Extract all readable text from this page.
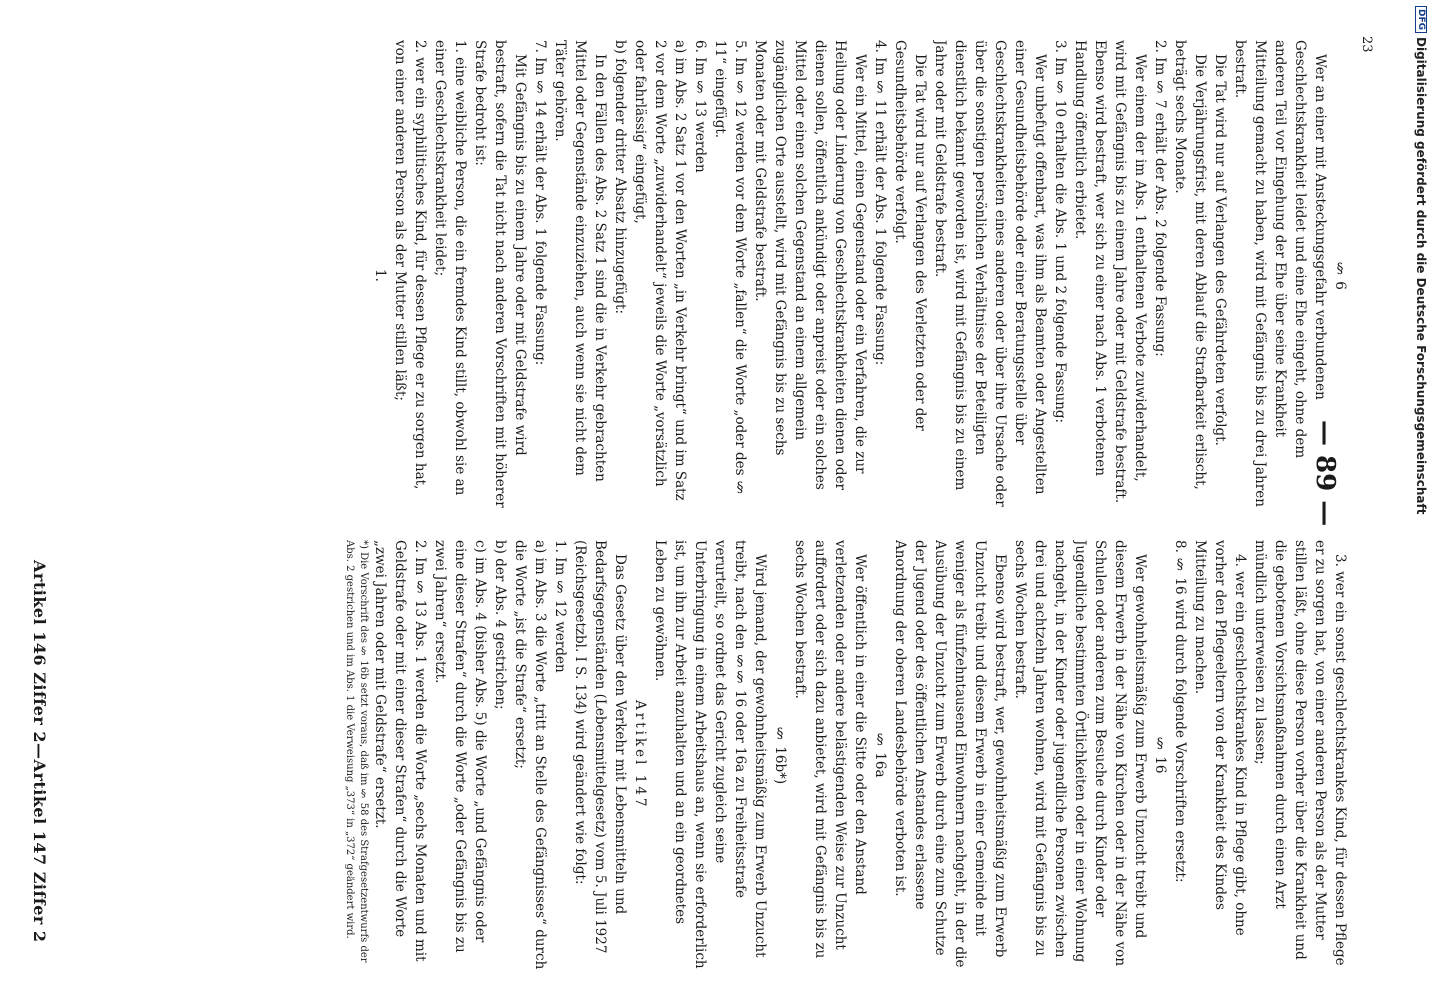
DFG
Digitalisierung gefördert durch die Deutsche Forschungsgemeinschaft
23
Artikel 146 Ziffer 2—Artikel 147 Ziffer 2
— 89 —

3. wer ein sonst geschlechtskrankes Kind, für dessen Pflege er zu sorgen hat, von einer anderen Person als der Mutter stillen läßt, ohne diese Person vorher über die Krankheit und die gebotenen Vorsichtsmaßnahmen durch einen Arzt mündlich unterweisen zu lassen;

4. wer ein geschlechtskrankes Kind in Pflege gibt, ohne vorher den Pflegeeltern von der Krankheit des Kindes Mitteilung zu machen.

8. § 16 wird durch folgende Vorschriften ersetzt:

§ 16

Wer gewohnheitsmäßig zum Erwerb Unzucht treibt und diesem Erwerb in der Nähe von Kirchen oder in der Nähe von Schulen oder anderen zum Besuche durch Kinder oder Jugendliche bestimmten Örtlichkeiten oder in einer Wohnung nachgeht, in der Kinder oder jugendliche Personen zwischen drei und achtzehn Jahren wohnen, wird mit Gefängnis bis zu sechs Wochen bestraft.

Ebenso wird bestraft, wer, gewohnheitsmäßig zum Erwerb Unzucht treibt und diesem Erwerb in einer Gemeinde mit weniger als fünfzehntausend Einwohnern nachgeht, in der die Ausübung der Unzucht zum Erwerb durch eine zum Schutze der Jugend oder des öffentlichen Anstandes erlassene Anordnung der oberen Landesbehörde verboten ist.

§ 16a

Wer öffentlich in einer die Sitte oder den Anstand verletzenden oder andere belästigenden Weise zur Unzucht auffordert oder sich dazu anbietet, wird mit Gefängnis bis zu sechs Wochen bestraft.

§ 16b*)

Wird jemand, der gewohnheitsmäßig zum Erwerb Unzucht treibt, nach den §§ 16 oder 16a zu Freiheitsstrafe verurteilt, so ordnet das Gericht zugleich seine Unterbringung in einem Arbeitshaus an, wenn sie erforderlich ist, um ihn zur Arbeit anzuhalten und an ein geordnetes Leben zu gewöhnen.

Artikel 147

Das Gesetz über den Verkehr mit Lebensmitteln und Bedarfsgegenständen (Lebensmittelgesetz) vom 5. Juli 1927 (Reichsgesetzbl. I S. 134) wird geändert wie folgt:

1. Im § 12 werden

a) im Abs. 3 die Worte „tritt an Stelle des Gefängnisses“ durch die Worte „ist die Strafe“ ersetzt;

b) der Abs. 4 gestrichen;

c) im Abs. 4 (bisher Abs. 5) die Worte „und Gefängnis oder eine dieser Strafen“ durch die Worte „oder Gefängnis bis zu zwei Jahren“ ersetzt.

2. Im § 13 Abs. 1 werden die Worte „sechs Monaten und mit Geldstrafe oder mit einer dieser Strafen“ durch die Worte „zwei Jahren oder mit Geldstrafe“ ersetzt.

*) Die Vorschrift des § 16b setzt voraus, daß im § 58 des Strafgesetzentwurfs der Abs. 2 gestrichen und im Abs. 1 die Verweisung „373“ in „372“ geändert wird.

§ 6

Wer an einer mit Ansteckungsgefahr verbundenen Geschlechtskrankheit leidet und eine Ehe eingeht, ohne dem anderen Teil vor Eingehung der Ehe über seine Krankheit Mitteilung gemacht zu haben, wird mit Gefängnis bis zu drei Jahren bestraft.

Die Tat wird nur auf Verlangen des Gefährdeten verfolgt.

Die Verjährungsfrist, mit deren Ablauf die Strafbarkeit erlischt, beträgt sechs Monate.

2. Im § 7 erhält der Abs. 2 folgende Fassung:

Wer einem der im Abs. 1 enthaltenen Verbote zuwiderhandelt, wird mit Gefängnis bis zu einem Jahre oder mit Geldstrafe bestraft. Ebenso wird bestraft, wer sich zu einer nach Abs. 1 verbotenen Handlung öffentlich erbietet.

3. Im § 10 erhalten die Abs. 1 und 2 folgende Fassung:

Wer unbefugt offenbart, was ihm als Beamten oder Angestellten einer Gesundheitsbehörde oder einer Beratungsstelle über Geschlechtskrankheiten eines anderen oder über ihre Ursache oder über die sonstigen persönlichen Verhältnisse der Beteiligten dienstlich bekannt geworden ist, wird mit Gefängnis bis zu einem Jahre oder mit Geldstrafe bestraft.

Die Tat wird nur auf Verlangen des Verletzten oder der Gesundheitsbehörde verfolgt.

4. Im § 11 erhält der Abs. 1 folgende Fassung:

Wer ein Mittel, einen Gegenstand oder ein Verfahren, die zur Heilung oder Linderung von Geschlechtskrankheiten dienen oder dienen sollen, öffentlich ankündigt oder anpreist oder ein solches Mittel oder einen solchen Gegenstand an einem allgemein zugänglichen Orte ausstellt, wird mit Gefängnis bis zu sechs Monaten oder mit Geldstrafe bestraft.

5. Im § 12 werden vor dem Worte „fallen“ die Worte „oder des § 11“ eingefügt.

6. Im § 13 werden

a) im Abs. 2 Satz 1 vor den Worten „in Verkehr bringt“ und im Satz 2 vor dem Worte „zuwiderhandelt“ jeweils die Worte „vorsätzlich oder fahrlässig“ eingefügt,

b) folgender dritter Absatz hinzugefügt:

In den Fällen des Abs. 2 Satz 1 sind die in Verkehr gebrachten Mittel oder Gegenstände einzuziehen, auch wenn sie nicht dem Täter gehören.

7. Im § 14 erhält der Abs. 1 folgende Fassung:

Mit Gefängnis bis zu einem Jahre oder mit Geldstrafe wird bestraft, sofern die Tat nicht nach anderen Vorschriften mit höherer Strafe bedroht ist:

1. eine weibliche Person, die ein fremdes Kind stillt, obwohl sie an einer Geschlechtskrankheit leidet;

2. wer ein syphilitisches Kind, für dessen Pflege er zu sorgen hat, von einer anderen Person als der Mutter stillen läßt;

1.
